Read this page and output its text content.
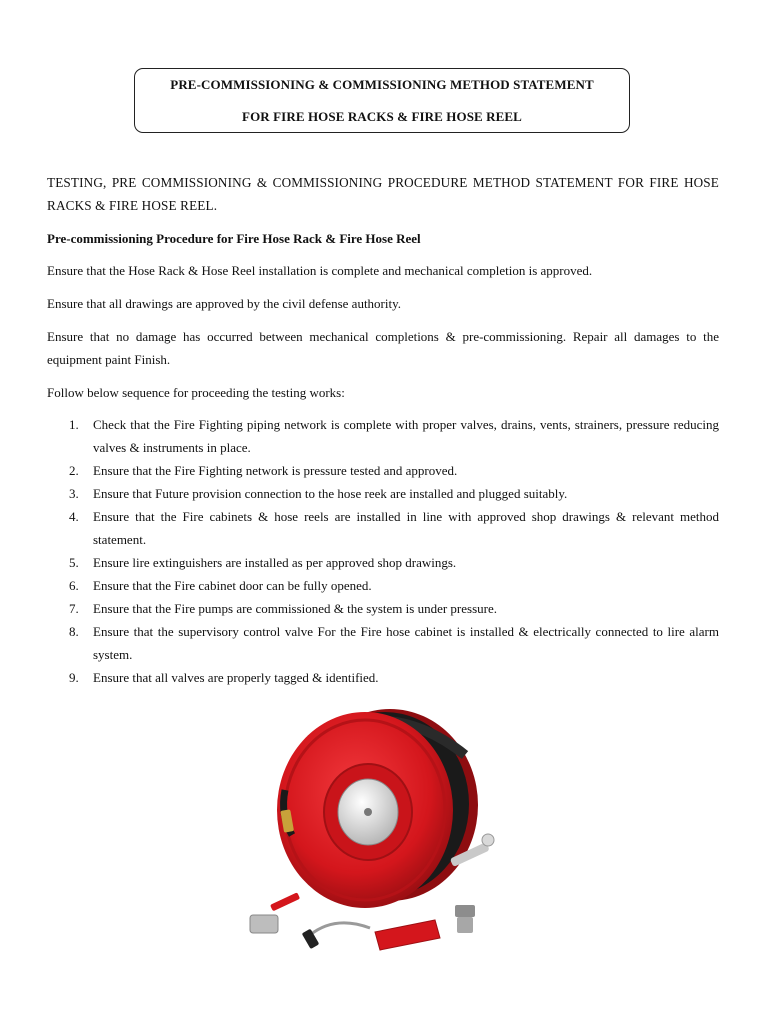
PRE-COMMISSIONING & COMMISSIONING METHOD STATEMENT
FOR FIRE HOSE RACKS & FIRE HOSE REEL
TESTING, PRE COMMISSIONING & COMMISSIONING PROCEDURE METHOD STATEMENT FOR FIRE HOSE RACKS & FIRE HOSE REEL.
Pre-commissioning Procedure for Fire Hose Rack & Fire Hose Reel
Ensure that the Hose Rack & Hose Reel installation is complete and mechanical completion is approved.
Ensure that all drawings are approved by the civil defense authority.
Ensure that no damage has occurred between mechanical completions & pre-commissioning. Repair all damages to the equipment paint Finish.
Follow below sequence for proceeding the testing works:
1. Check that the Fire Fighting piping network is complete with proper valves, drains, vents, strainers, pressure reducing valves & instruments in place.
2. Ensure that the Fire Fighting network is pressure tested and approved.
3. Ensure that Future provision connection to the hose reek are installed and plugged suitably.
4. Ensure that the Fire cabinets & hose reels are installed in line with approved shop drawings & relevant method statement.
5. Ensure lire extinguishers are installed as per approved shop drawings.
6. Ensure that the Fire cabinet door can be fully opened.
7. Ensure that the Fire pumps are commissioned & the system is under pressure.
8. Ensure that the supervisory control valve For the Fire hose cabinet is installed & electrically connected to lire alarm system.
9. Ensure that all valves are properly tagged & identified.
